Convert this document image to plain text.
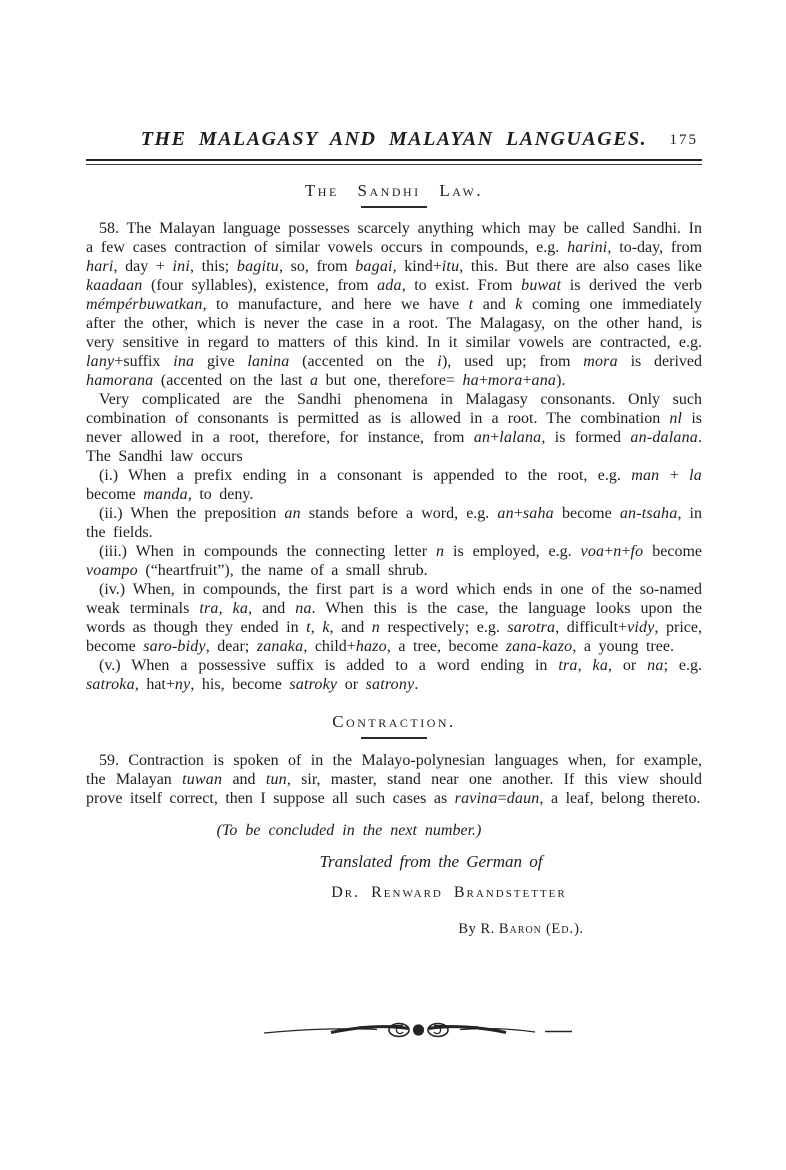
THE MALAGASY AND MALAYAN LANGUAGES.	175
The Sandhi Law.

58. The Malayan language possesses scarcely anything which may be called Sandhi. In a few cases contraction of similar vowels occurs in compounds, e.g. harini, to-day, from hari, day + ini, this; bagitu, so, from bagai, kind+itu, this. But there are also cases like kaadaan (four syllables), existence, from ada, to exist. From buwat is derived the verb mémpérbuwatkan, to manufacture, and here we have t and k coming one immediately after the other, which is never the case in a root. The Malagasy, on the other hand, is very sensitive in regard to matters of this kind. In it similar vowels are contracted, e.g. lany+suffix ina give lanina (accented on the i), used up; from mora is derived hamorana (accented on the last a but one, therefore= ha+mora+ana).

Very complicated are the Sandhi phenomena in Malagasy consonants. Only such combination of consonants is permitted as is allowed in a root. The combination nl is never allowed in a root, therefore, for instance, from an+lalana, is formed an-dalana. The Sandhi law occurs

(i.) When a prefix ending in a consonant is appended to the root, e.g. man + la become manda, to deny.

(ii.) When the preposition an stands before a word, e.g. an+saha become an-tsaha, in the fields.

(iii.) When in compounds the connecting letter n is employed, e.g. voa+n+fo become voampo (“heartfruit”), the name of a small shrub.

(iv.) When, in compounds, the first part is a word which ends in one of the so-named weak terminals tra, ka, and na. When this is the case, the language looks upon the words as though they ended in t, k, and n respectively; e.g. sarotra, difficult+vidy, price, become saro-bidy, dear; zanaka, child+hazo, a tree, become zana-kazo, a young tree.

(v.) When a possessive suffix is added to a word ending in tra, ka, or na; e.g. satroka, hat+ny, his, become satroky or satrony.

Contraction.

59. Contraction is spoken of in the Malayo-polynesian languages when, for example, the Malayan tuwan and tun, sir, master, stand near one another. If this view should prove itself correct, then I suppose all such cases as ravina=daun, a leaf, belong thereto.

(To be concluded in the next number.)
Translated from the German of
Dr. Renward Brandstetter
By R. Baron (Ed.).
